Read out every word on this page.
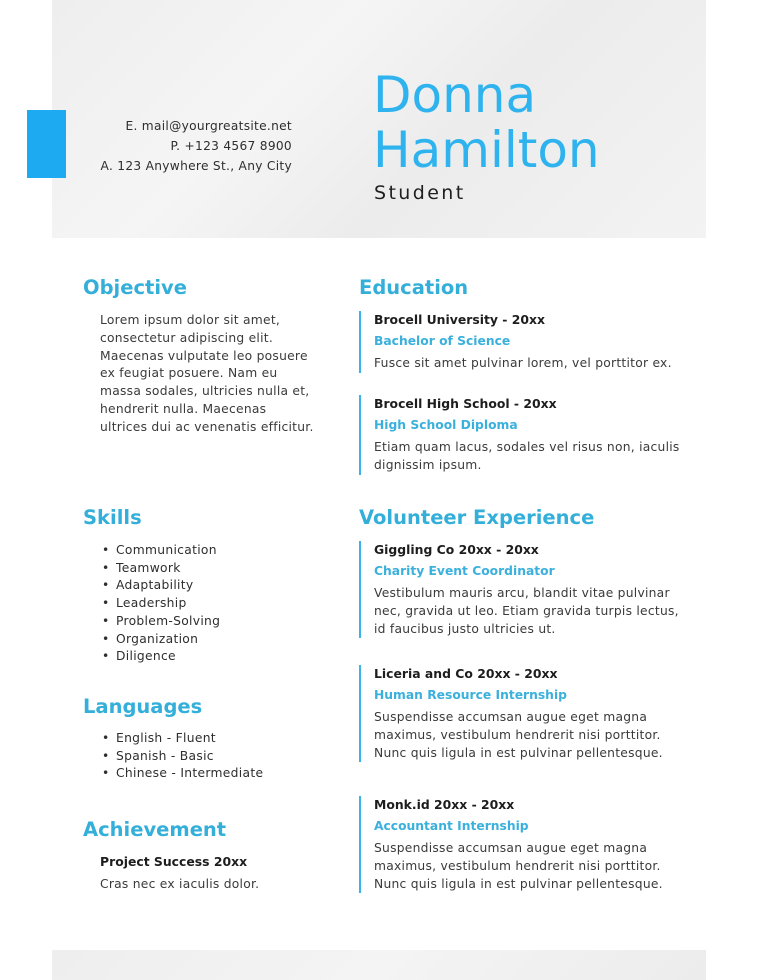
E. mail@yourgreatsite.net
P. +123 4567 8900
A. 123 Anywhere St., Any City
Donna
Hamilton
Student
Objective
Lorem ipsum dolor sit amet, consectetur adipiscing elit. Maecenas vulputate leo posuere ex feugiat posuere. Nam eu massa sodales, ultricies nulla et, hendrerit nulla. Maecenas ultrices dui ac venenatis efficitur.
Skills
• Communication
• Teamwork
• Adaptability
• Leadership
• Problem-Solving
• Organization
• Diligence
Languages
• English - Fluent
• Spanish - Basic
• Chinese - Intermediate
Achievement
Project Success 20xx
Cras nec ex iaculis dolor.
Education
Brocell University - 20xx
Bachelor of Science
Fusce sit amet pulvinar lorem, vel porttitor ex.
Brocell High School - 20xx
High School Diploma
Etiam quam lacus, sodales vel risus non, iaculis dignissim ipsum.
Volunteer Experience
Giggling Co 20xx - 20xx
Charity Event Coordinator
Vestibulum mauris arcu, blandit vitae pulvinar nec, gravida ut leo. Etiam gravida turpis lectus, id faucibus justo ultricies ut.
Liceria and Co 20xx - 20xx
Human Resource Internship
Suspendisse accumsan augue eget magna maximus, vestibulum hendrerit nisi porttitor. Nunc quis ligula in est pulvinar pellentesque.
Monk.id 20xx - 20xx
Accountant Internship
Suspendisse accumsan augue eget magna maximus, vestibulum hendrerit nisi porttitor. Nunc quis ligula in est pulvinar pellentesque.
